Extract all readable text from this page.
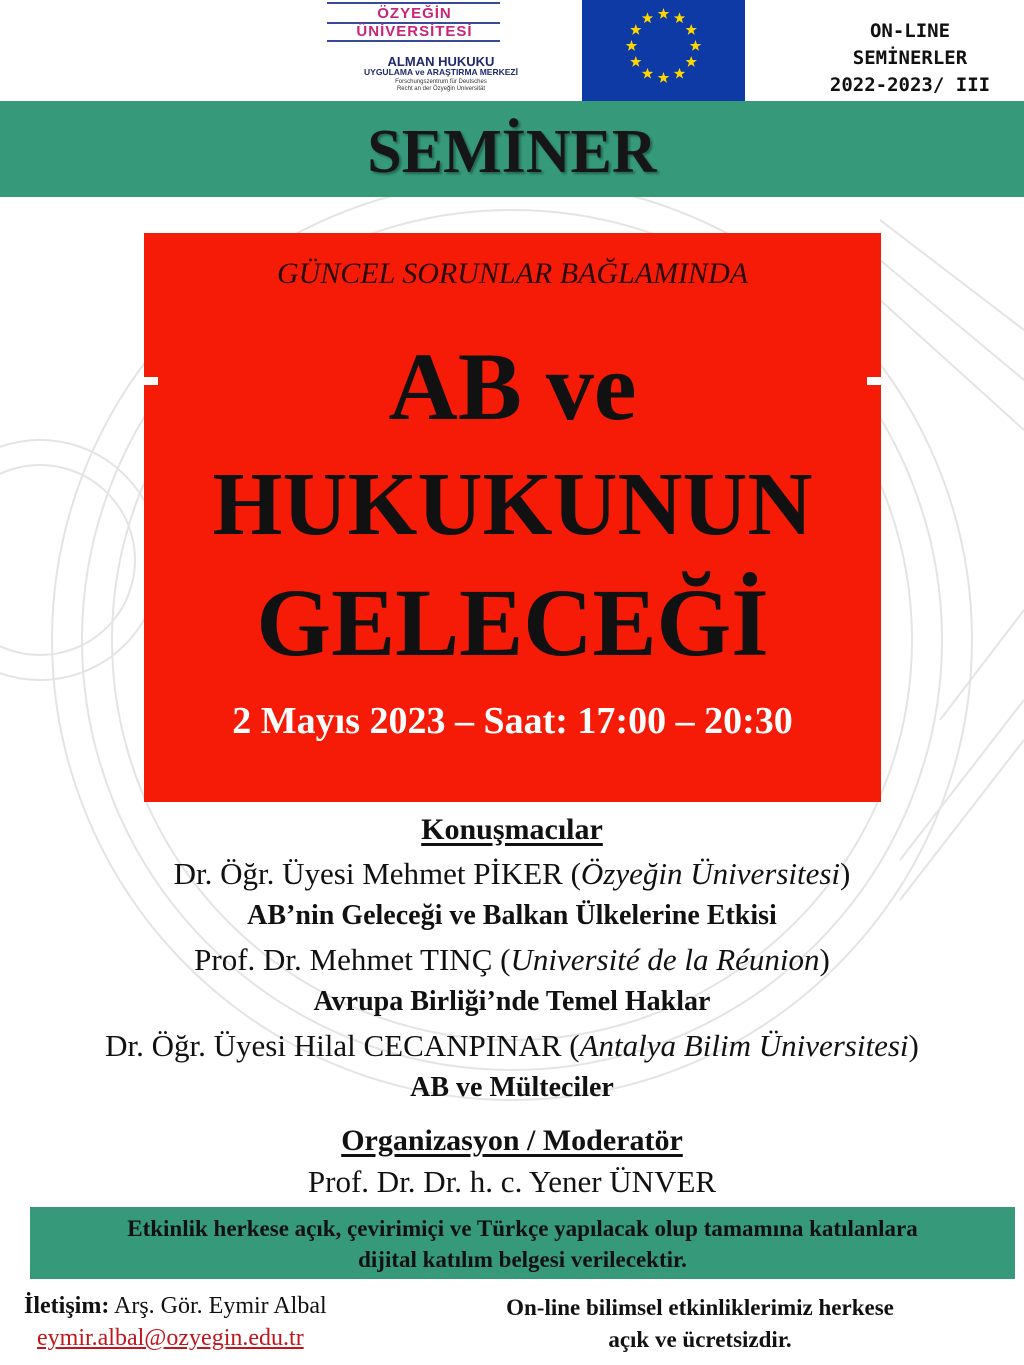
ÖZYEĞİN
ÜNİVERSİTESİ
ALMAN HUKUKU
UYGULAMA ve ARAŞTIRMA MERKEZİ
Forschungszentrum für Deutsches
Recht an der Özyeğin Universität
ON-LINE
SEMİNERLER
2022-2023/ III
SEMİNER
GÜNCEL SORUNLAR BAĞLAMINDA
AB ve
HUKUKUNUN
GELECEĞİ
2 Mayıs 2023 – Saat: 17:00 – 20:30
Konuşmacılar
Dr. Öğr. Üyesi Mehmet PİKER (Özyeğin Üniversitesi)
AB’nin Geleceği ve Balkan Ülkelerine Etkisi
Prof. Dr. Mehmet TINÇ (Université de la Réunion)
Avrupa Birliği’nde Temel Haklar
Dr. Öğr. Üyesi Hilal CECANPINAR (Antalya Bilim Üniversitesi)
AB ve Mülteciler
Organizasyon / Moderatör
Prof. Dr. Dr. h. c. Yener ÜNVER
Etkinlik herkese açık, çevirimiçi ve Türkçe yapılacak olup tamamına katılanlara
dijital katılım belgesi verilecektir.
İletişim: Arş. Gör. Eymir Albal
eymir.albal@ozyegin.edu.tr
On-line bilimsel etkinliklerimiz herkese
açık ve ücretsizdir.
